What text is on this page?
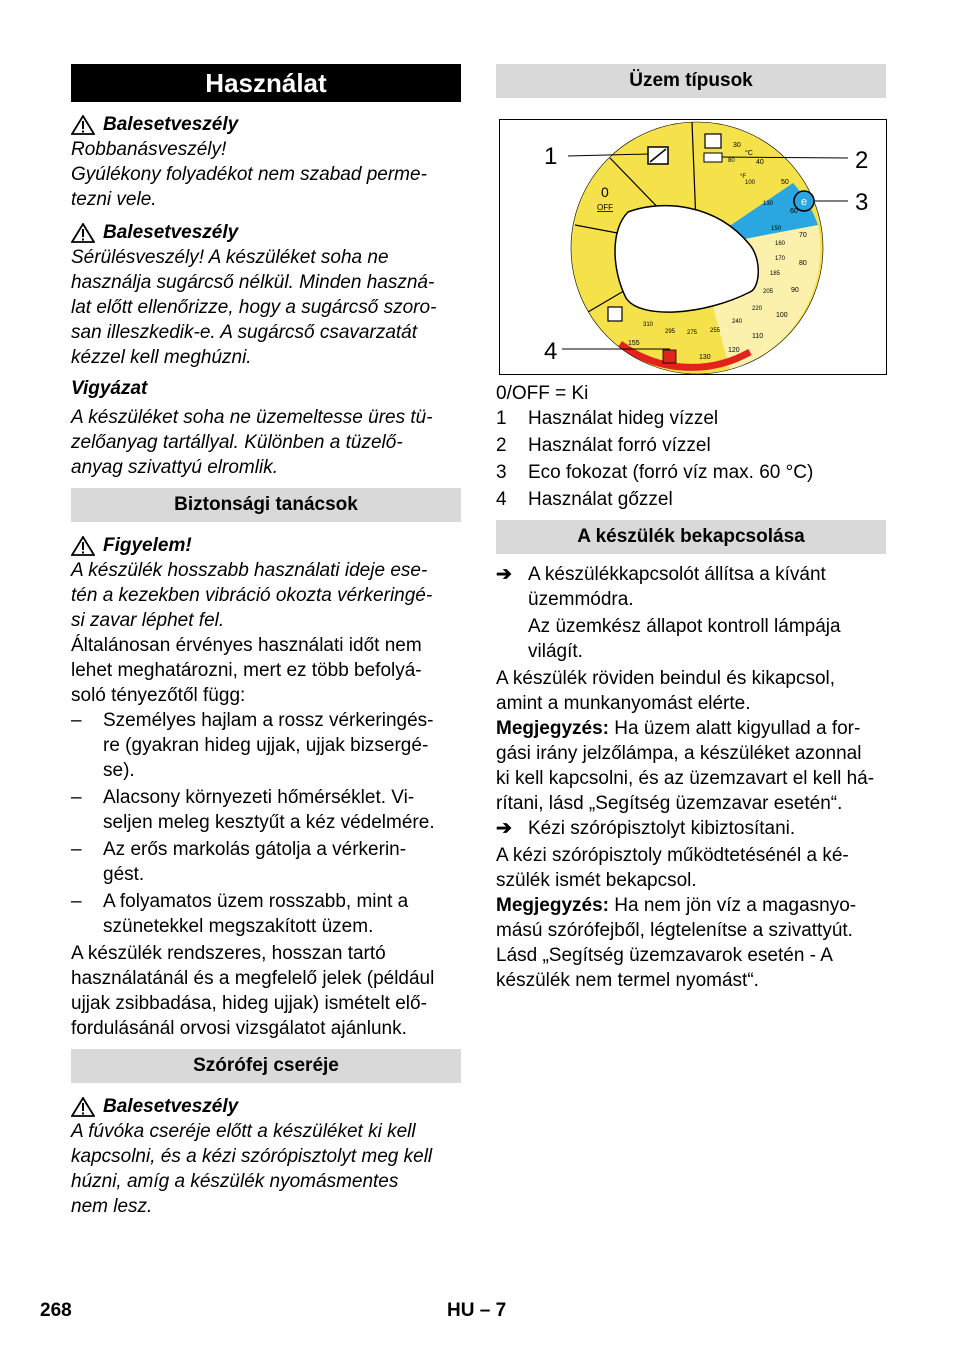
Használat
Balesetveszély

Robbanásveszély!

Gyúlékony folyadékot nem szabad perme-

tezni vele.

Balesetveszély

Sérülésveszély! A készüléket soha ne

használja sugárcső nélkül. Minden haszná-

lat előtt ellenőrizze, hogy a sugárcső szoro-

san illeszkedik-e. A sugárcső csavarzatát

kézzel kell meghúzni.

Vigyázat

A készüléket soha ne üzemeltesse üres tü-

zelőanyag tartállyal. Különben a tüzelő-

anyag szivattyú elromlik.

Biztonsági tanácsok
Figyelem!

A készülék hosszabb használati ideje ese-

tén a kezekben vibráció okozta vérkeringé-

si zavar léphet fel.

Általánosan érvényes használati időt nem

lehet meghatározni, mert ez több befolyá-

soló tényezőtől függ:

–	Személyes hajlam a rossz vérkeringés-

re (gyakran hideg ujjak, ujjak bizsergé-

se).

–	Alacsony környezeti hőmérséklet. Vi-

seljen meleg kesztyűt a kéz védelmére.

–	Az erős markolás gátolja a vérkerin-

gést.

–	A folyamatos üzem rosszabb, mint a

szünetekkel megszakított üzem.

A készülék rendszeres, hosszan tartó

használatánál és a megfelelő jelek (például

ujjak zsibbadása, hideg ujjak) ismételt elő-

fordulásánál orvosi vizsgálatot ajánlunk.

Szórófej cseréje
Balesetveszély

A fúvóka cseréje előtt a készüléket ki kell

kapcsolni, és a kézi szórópisztolyt meg kell

húzni, amíg a készülék nyomásmentes

nem lesz.

Üzem típusok
e
0
OFF
°C
°F
30
40
50
60
70
80
90
100
110
120
130
155
80
100
130
150
160
170
185
205
220
240
255
275
295
310
1	2
3
4

0/OFF = Ki

1	Használat hideg vízzel
2	Használat forró vízzel
3	Eco fokozat (forró víz max. 60 °C)
4	Használat gőzzel
A készülék bekapcsolása
➔ A készülékkapcsolót állítsa a kívánt

üzemmódra.

Az üzemkész állapot kontroll lámpája

világít.

A készülék röviden beindul és kikapcsol,

amint a munkanyomást elérte.

Megjegyzés: Ha üzem alatt kigyullad a for-

gási irány jelzőlámpa, a készüléket azonnal

ki kell kapcsolni, és az üzemzavart el kell há-

rítani, lásd „Segítség üzemzavar esetén“.

➔ Kézi szórópisztolyt kibiztosítani.

A kézi szórópisztoly működtetésénél a ké-

szülék ismét bekapcsol.

Megjegyzés: Ha nem jön víz a magasnyo-

mású szórófejből, légtelenítse a szivattyút.

Lásd „Segítség üzemzavarok esetén - A

készülék nem termel nyomást“.

268	HU – 7
